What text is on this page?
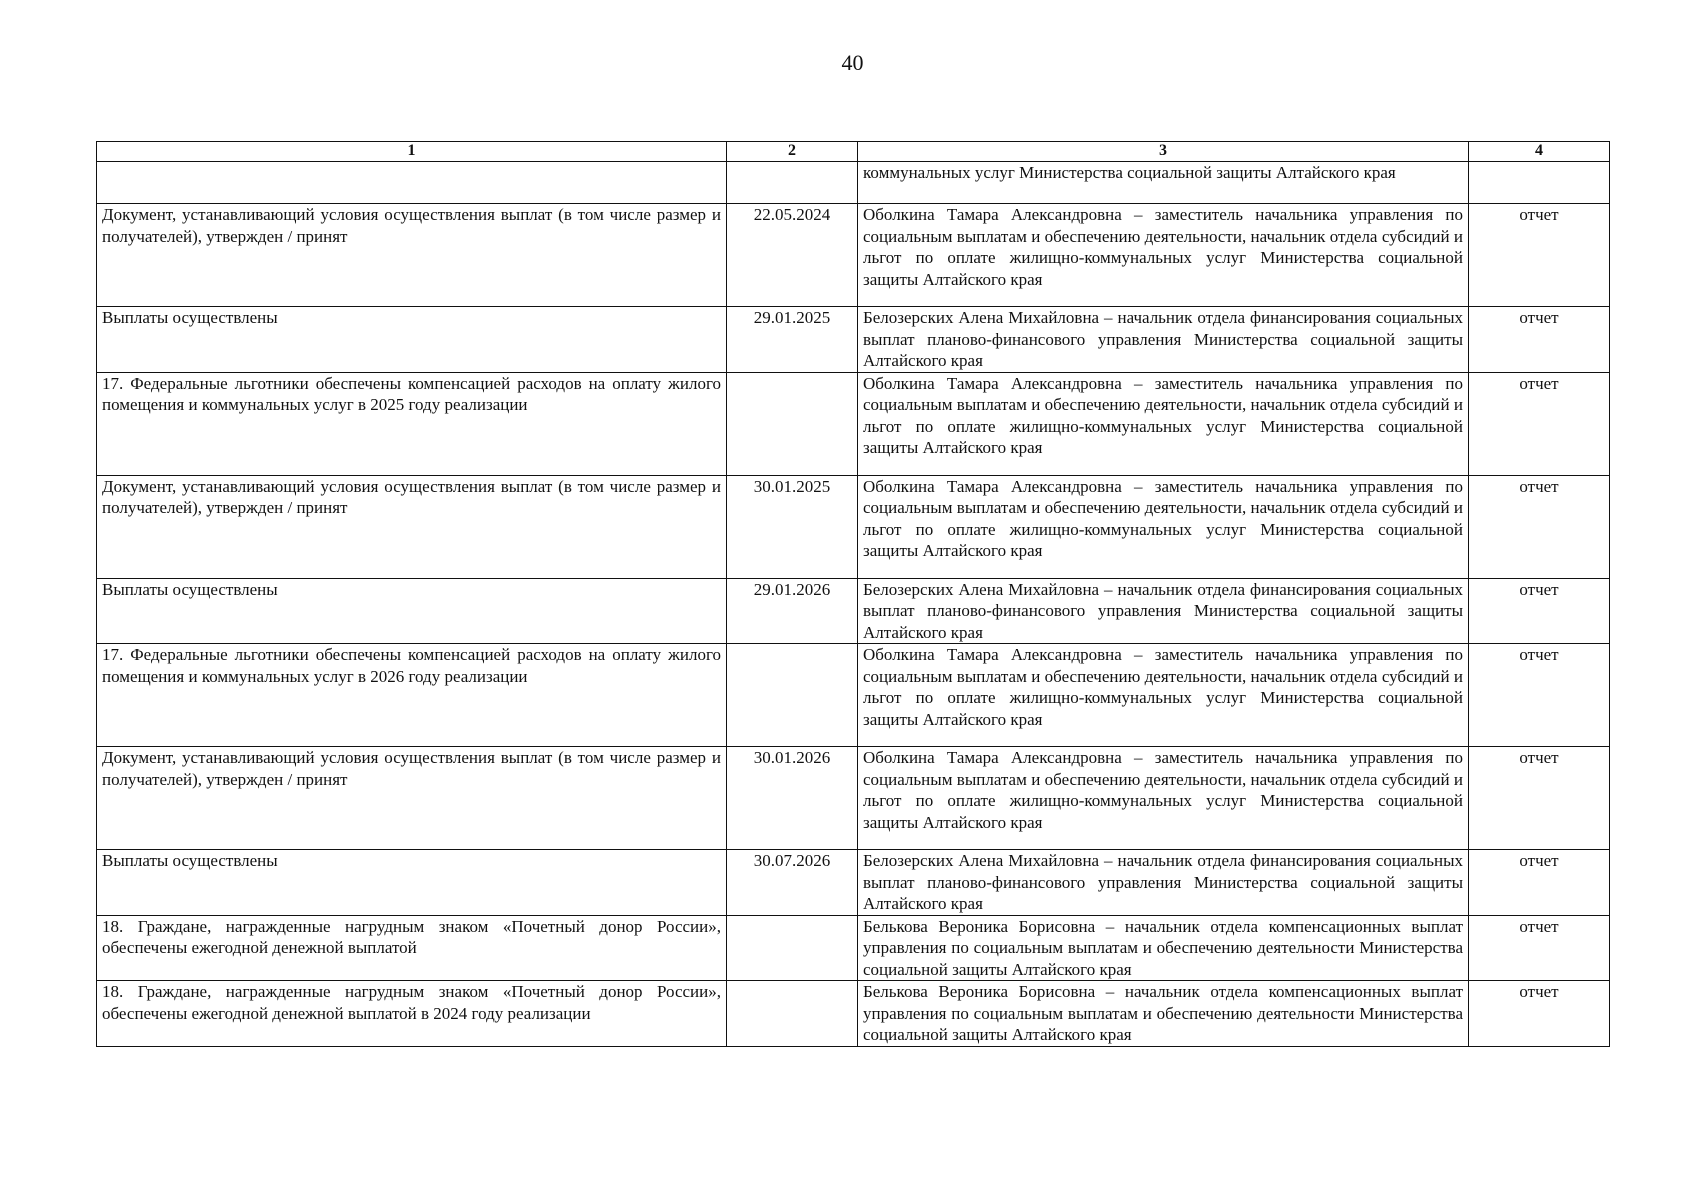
40
1	2	3	4
		коммунальных услуг Министерства социальной защиты Алтайского края	
Документ, устанавливающий условия осуществления выплат (в том числе размер и получателей), утвержден / принят	22.05.2024	Оболкина Тамара Александровна – заместитель начальника управления по социальным выплатам и обеспечению деятельности, начальник отдела субсидий и льгот по оплате жилищно-коммунальных услуг Министерства социальной защиты Алтайского края	отчет
Выплаты осуществлены	29.01.2025	Белозерских Алена Михайловна – начальник отдела финансирования социальных выплат планово-финансового управления Министерства социальной защиты Алтайского края	отчет
17. Федеральные льготники обеспечены компенсацией расходов на оплату жилого помещения и коммунальных услуг в 2025 году реализации		Оболкина Тамара Александровна – заместитель начальника управления по социальным выплатам и обеспечению деятельности, начальник отдела субсидий и льгот по оплате жилищно-коммунальных услуг Министерства социальной защиты Алтайского края	отчет
Документ, устанавливающий условия осуществления выплат (в том числе размер и получателей), утвержден / принят	30.01.2025	Оболкина Тамара Александровна – заместитель начальника управления по социальным выплатам и обеспечению деятельности, начальник отдела субсидий и льгот по оплате жилищно-коммунальных услуг Министерства социальной защиты Алтайского края	отчет
Выплаты осуществлены	29.01.2026	Белозерских Алена Михайловна – начальник отдела финансирования социальных выплат планово-финансового управления Министерства социальной защиты Алтайского края	отчет
17. Федеральные льготники обеспечены компенсацией расходов на оплату жилого помещения и коммунальных услуг в 2026 году реализации		Оболкина Тамара Александровна – заместитель начальника управления по социальным выплатам и обеспечению деятельности, начальник отдела субсидий и льгот по оплате жилищно-коммунальных услуг Министерства социальной защиты Алтайского края	отчет
Документ, устанавливающий условия осуществления выплат (в том числе размер и получателей), утвержден / принят	30.01.2026	Оболкина Тамара Александровна – заместитель начальника управления по социальным выплатам и обеспечению деятельности, начальник отдела субсидий и льгот по оплате жилищно-коммунальных услуг Министерства социальной защиты Алтайского края	отчет
Выплаты осуществлены	30.07.2026	Белозерских Алена Михайловна – начальник отдела финансирования социальных выплат планово-финансового управления Министерства социальной защиты Алтайского края	отчет
18. Граждане, награжденные нагрудным знаком «Почетный донор России», обеспечены ежегодной денежной выплатой		Белькова Вероника Борисовна – начальник отдела компенсационных выплат управления по социальным выплатам и обеспечению деятельности Министерства социальной защиты Алтайского края	отчет
18. Граждане, награжденные нагрудным знаком «Почетный донор России», обеспечены ежегодной денежной выплатой в 2024 году реализации		Белькова Вероника Борисовна – начальник отдела компенсационных выплат управления по социальным выплатам и обеспечению деятельности Министерства социальной защиты Алтайского края	отчет
